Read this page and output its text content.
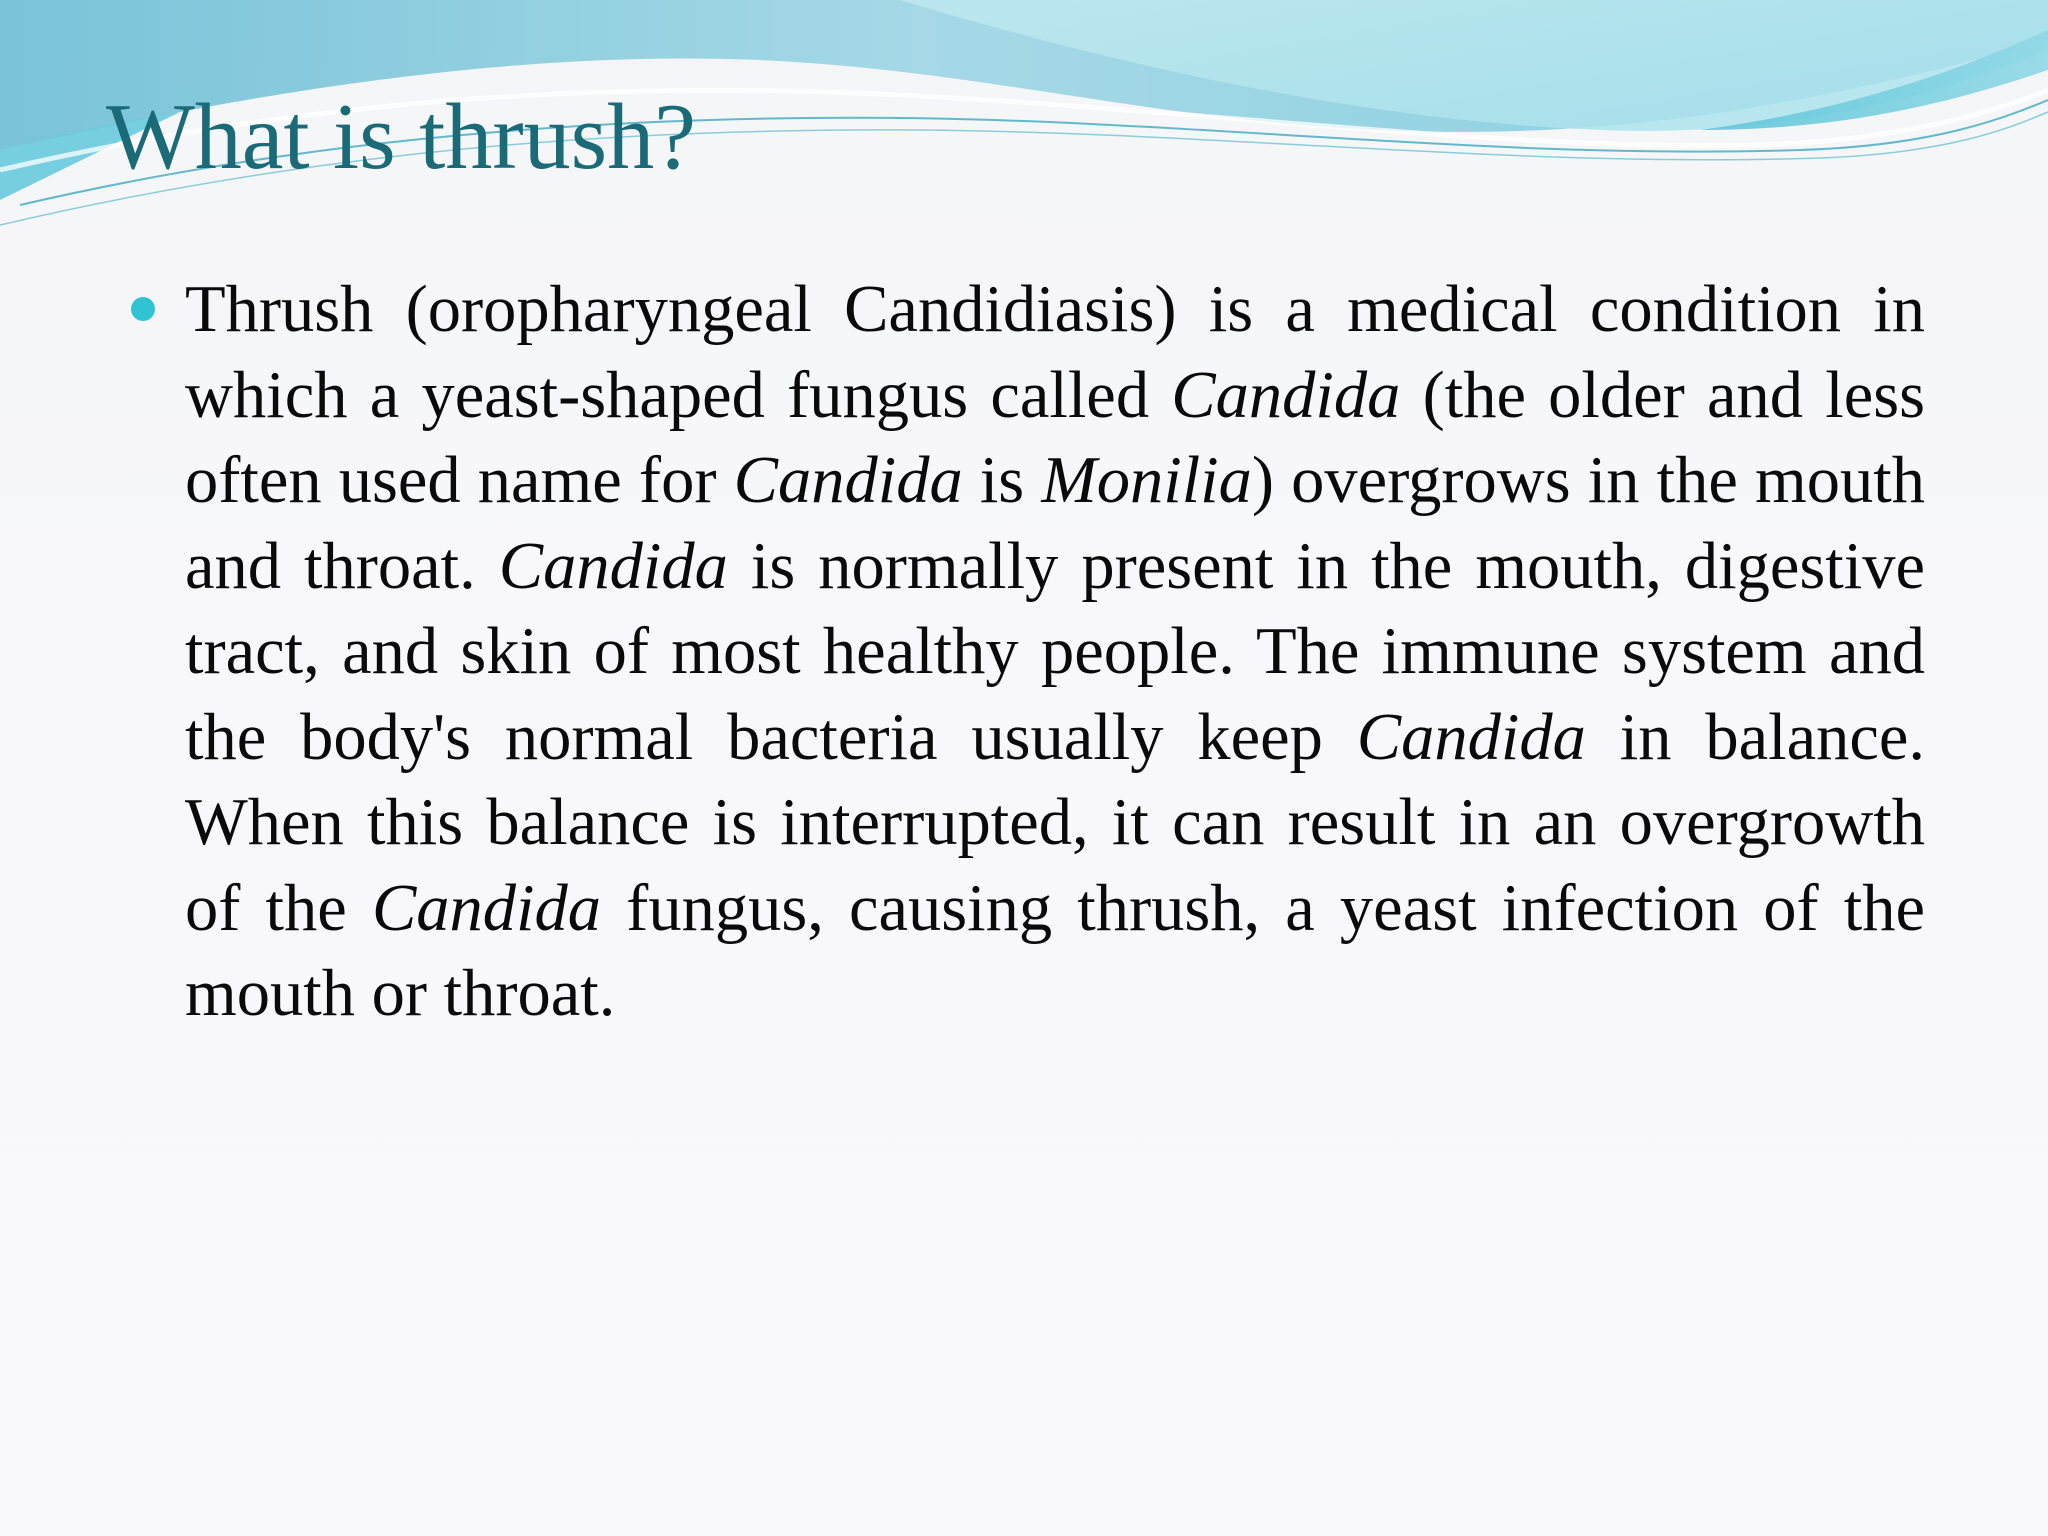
What is thrush?

Thrush (oropharyngeal Candidiasis) is a medical condition in which a yeast-shaped fungus called Candida (the older and less often used name for Candida is Monilia) overgrows in the mouth and throat. Candida is normally present in the mouth, digestive tract, and skin of most healthy people. The immune system and the body's normal bacteria usually keep Candida in balance. When this balance is interrupted, it can result in an overgrowth of the Candida fungus, causing thrush, a yeast infection of the mouth or throat.
